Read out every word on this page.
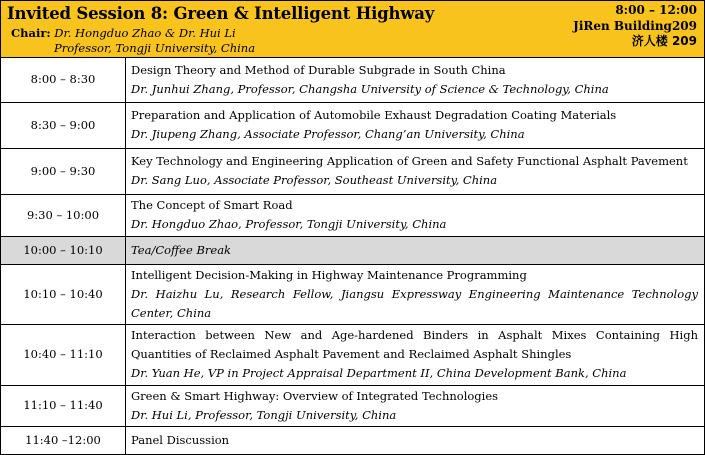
Invited Session 8: Green & Intelligent Highway
Chair: Dr. Hongduo Zhao & Dr. Hui Li
Professor, Tongji University, China
8:00 – 12:00
JiRen Building209
济人楼 209
8:00 – 8:30	Design Theory and Method of Durable Subgrade in South China
Dr. Junhui Zhang, Professor, Changsha University of Science & Technology, China

8:30 – 9:00	Preparation and Application of Automobile Exhaust Degradation Coating Materials
Dr. Jiupeng Zhang, Associate Professor, Chang’an University, China

9:00 – 9:30	Key Technology and Engineering Application of Green and Safety Functional Asphalt Pavement
Dr. Sang Luo, Associate Professor, Southeast University, China

9:30 – 10:00	The Concept of Smart Road
Dr. Hongduo Zhao, Professor, Tongji University, China

10:00 – 10:10	Tea/Coffee Break

10:10 – 10:40	Intelligent Decision-Making in Highway Maintenance Programming
Dr. Haizhu Lu, Research Fellow, Jiangsu Expressway Engineering Maintenance Technology Center, China

10:40 – 11:10	Interaction between New and Age-hardened Binders in Asphalt Mixes Containing High Quantities of Reclaimed Asphalt Pavement and Reclaimed Asphalt Shingles
Dr. Yuan He, VP in Project Appraisal Department II, China Development Bank, China

11:10 – 11:40	Green & Smart Highway: Overview of Integrated Technologies
Dr. Hui Li, Professor, Tongji University, China

11:40 –12:00	Panel Discussion
